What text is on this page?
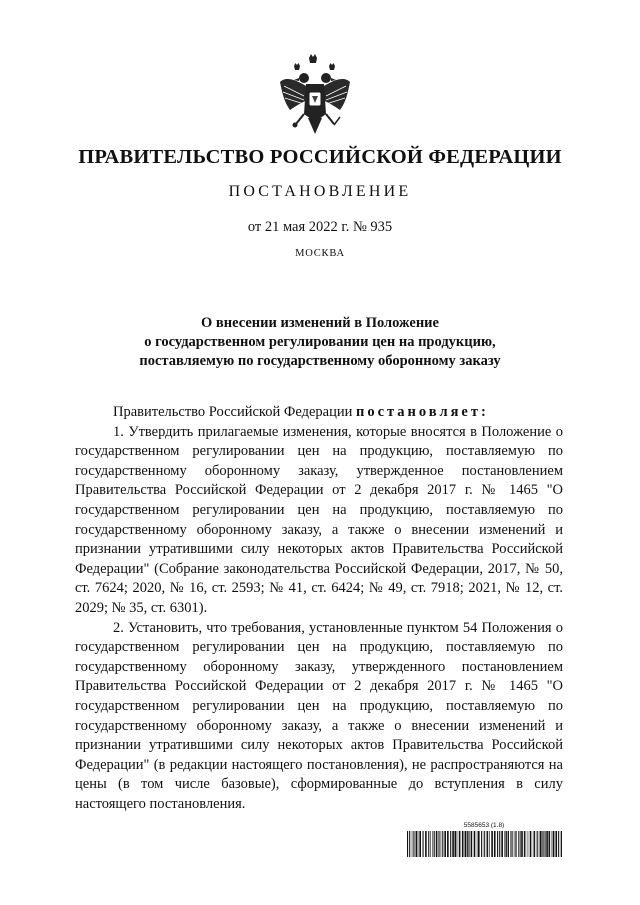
ПРАВИТЕЛЬСТВО РОССИЙСКОЙ ФЕДЕРАЦИИ
ПОСТАНОВЛЕНИЕ
от 21 мая 2022 г. № 935
МОСКВА
О внесении изменений в Положение
о государственном регулировании цен на продукцию,
поставляемую по государственному оборонному заказу

Правительство Российской Федерации постановляет:

1. Утвердить прилагаемые изменения, которые вносятся в Положение о государственном регулировании цен на продукцию, поставляемую по государственному оборонному заказу, утвержденное постановлением Правительства Российской Федерации от 2 декабря 2017 г. № 1465 "О государственном регулировании цен на продукцию, поставляемую по государственному оборонному заказу, а также о внесении изменений и признании утратившими силу некоторых актов Правительства Российской Федерации" (Собрание законодательства Российской Федерации, 2017, № 50, ст. 7624; 2020, № 16, ст. 2593; № 41, ст. 6424; № 49, ст. 7918; 2021, № 12, ст. 2029; № 35, ст. 6301).

2. Установить, что требования, установленные пунктом 54 Положения о государственном регулировании цен на продукцию, поставляемую по государственному оборонному заказу, утвержденного постановлением Правительства Российской Федерации от 2 декабря 2017 г. № 1465 "О государственном регулировании цен на продукцию, поставляемую по государственному оборонному заказу, а также о внесении изменений и признании утратившими силу некоторых актов Правительства Российской Федерации" (в редакции настоящего постановления), не распространяются на цены (в том числе базовые), сформированные до вступления в силу настоящего постановления.

5585653 (1.8)
